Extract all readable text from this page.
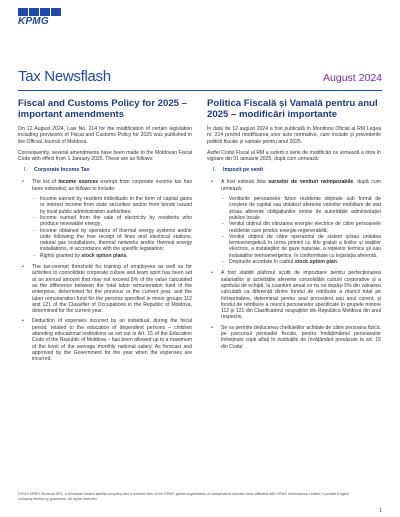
KPMG
Tax Newsflash	August 2024
Fiscal and Customs Policy for 2025 – important amendments

On 12 August 2024, Law No. 214 for the modification of certain legislation including provisions of Fiscal and Customs Policy for 2025 was published in the Official Journal of Moldova.

Consequently, several amendments have been made to the Moldovan Fiscal Code with effect from 1 January 2025. These are as follows:

I. Corporate Income Tax
• The list of income sources exempt from corporate income tax has been extended, as follows to include:
- Income earned by resident individuals in the form of capital gains or interest income from state securities and/or from bonds issued by local public administration authorities;
- Income earned from the sale of electricity by residents who produce renewable energy;
- Income obtained by operators of thermal energy systems and/or units following the free receipt of lines and electrical stations, natural gas installations, thermal networks and/or thermal energy installations, in accordance with the specific legislation;
- Rights granted by stock option plans.
• The tax-exempt threshold for training of employees as well as for activities to consolidate corporate culture and team spirit has been set at an annual amount that may not exceed 5% of the value calculated as the difference between the total labor remuneration fund of the enterprise, determined for the previous or the current year, and the labor remuneration fund for the persons specified in minor groups 112 and 121 of the Classifier of Occupations in the Republic of Moldova, determined for the current year.
• Deduction of expenses incurred by an individual, during the fiscal period, related to the education of dependent persons – children attending educational institutions as set out in Art. 15 of the Education Code of the Republic of Moldova – has been allowed up to a maximum of the level of the average monthly national salary. As forecast and approved by the Government for the year when the expenses are incurred.
Politica Fiscală și Vamală pentru anul 2025 – modificări importante

În data de 12 august 2024 a fost publicată în Monitorul Oficial al RM Legea nr. 214 privind modificarea unor acte normative, care include și prevederile politicii fiscale și vamale pentru anul 2025.

Astfel Codul Fiscal al RM a suferit o serie de modificări ce urmează a intra în vigoare din 01 ianuarie 2025, după cum urmează:

I. Impozit pe venit
• A fost extinsă lista surselor de venituri neimpozabile, după cum urmează:
- Veniturile persoanelor fizice rezidente obținute sub formă de creștere de capital sau dobânzi aferente valorilor mobiliare de stat și/sau aferente obligațiunilor emise de autoritățile administrației publice locale.
- Venitul obținut din vânzarea energiei electrice de către persoanele rezidente care produc energie regenerabilă;
- Venitul obținut de către operatorul de sistem și/sau unitatea termoenergetică în urma primirii cu titlu gratuit a liniilor și stațiilor electrice, a instalațiilor de gaze naturale, a rețelelor termice și/ sau instalațiilor termoenergetice, în conformitate cu legislația aferentă.
- Drepturile acordate în cadrul stock option plan.
• A fost stabilit plafonul scutit de impozitare pentru perfecționarea salariaților și activitățile aferente consolidării culturii corporative și a spiritului de echipă, la cuantum anual ce nu va depăși 5% din valoarea calculată ca diferență dintre fondul de retribuire a muncii total pe întreprindere, determinat pentru anul precedent sau anul curent, și fondul de retribuire a muncii persoanelor specificate în grupele minore 112 și 121 din Clasificatorul ocupațiilor din Republica Moldova din anul respectiv.
• Se va permite deducerea cheltuielilor achitate de către persoana fizică, pe parcursul perioadei fiscale, pentru învățământul persoanelor întreținute copii aflați în instituțiile de învățământ prevăzute la art. 15 din Codul
©2024 KPMG Moldova SRL, a Moldovan limited liability company and a member firm of the KPMG global organization of independent member firms affiliated with KPMG International Limited, a private English company limited by guarantee. All rights reserved.
1
